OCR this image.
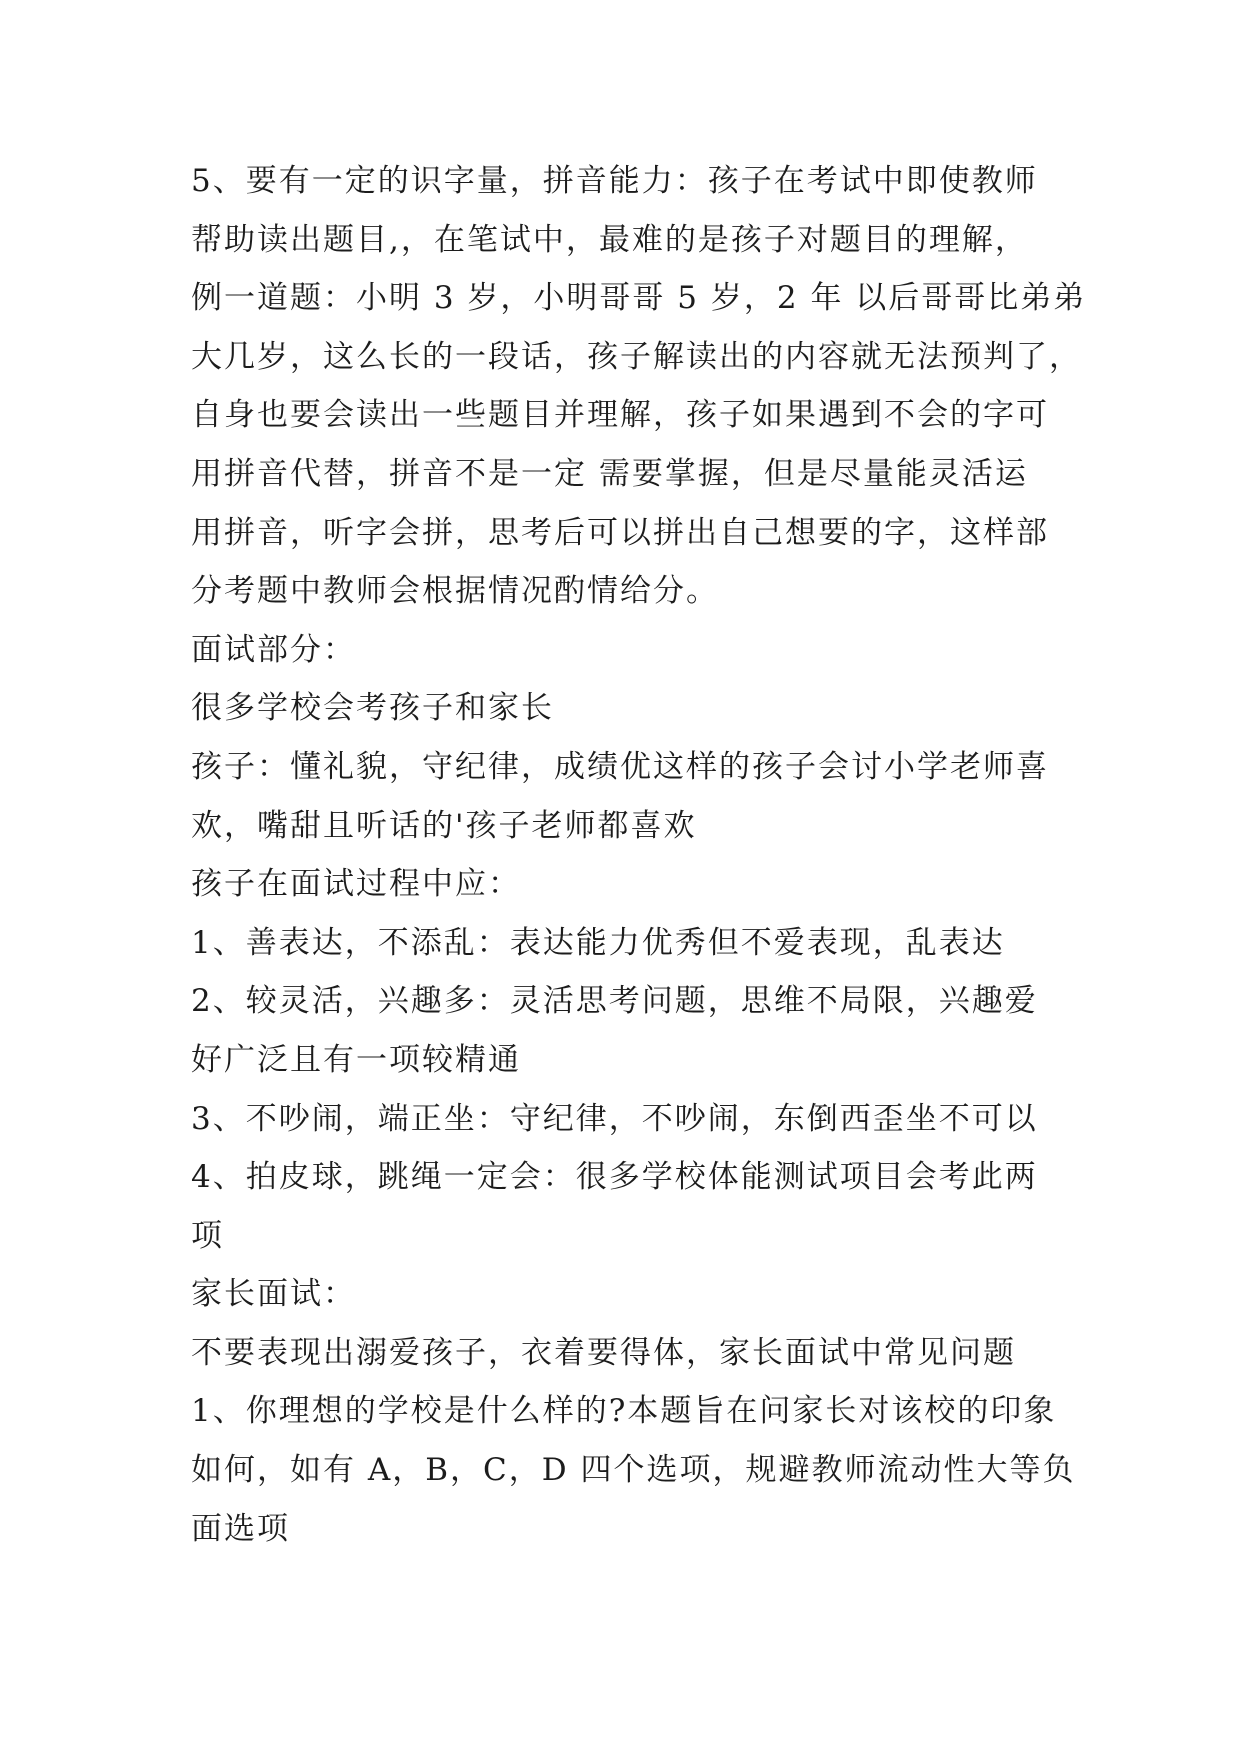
5、要有一定的识字量，拼音能力：孩子在考试中即使教师
帮助读出题目,，在笔试中，最难的是孩子对题目的理解，
例一道题：小明 3 岁，小明哥哥 5 岁，2 年 以后哥哥比弟弟
大几岁，这么长的一段话，孩子解读出的内容就无法预判了，
自身也要会读出一些题目并理解，孩子如果遇到不会的字可
用拼音代替，拼音不是一定 需要掌握，但是尽量能灵活运
用拼音，听字会拼，思考后可以拼出自己想要的字，这样部
分考题中教师会根据情况酌情给分。
面试部分：
很多学校会考孩子和家长
孩子：懂礼貌，守纪律，成绩优这样的孩子会讨小学老师喜
欢，嘴甜且听话的'孩子老师都喜欢
孩子在面试过程中应：
1、善表达，不添乱：表达能力优秀但不爱表现，乱表达
2、较灵活，兴趣多：灵活思考问题，思维不局限，兴趣爱
好广泛且有一项较精通
3、不吵闹，端正坐：守纪律，不吵闹，东倒西歪坐不可以
4、拍皮球，跳绳一定会：很多学校体能测试项目会考此两
项
家长面试：
不要表现出溺爱孩子，衣着要得体，家长面试中常见问题
1、你理想的学校是什么样的?本题旨在问家长对该校的印象
如何，如有 A，B，C，D 四个选项，规避教师流动性大等负
面选项
